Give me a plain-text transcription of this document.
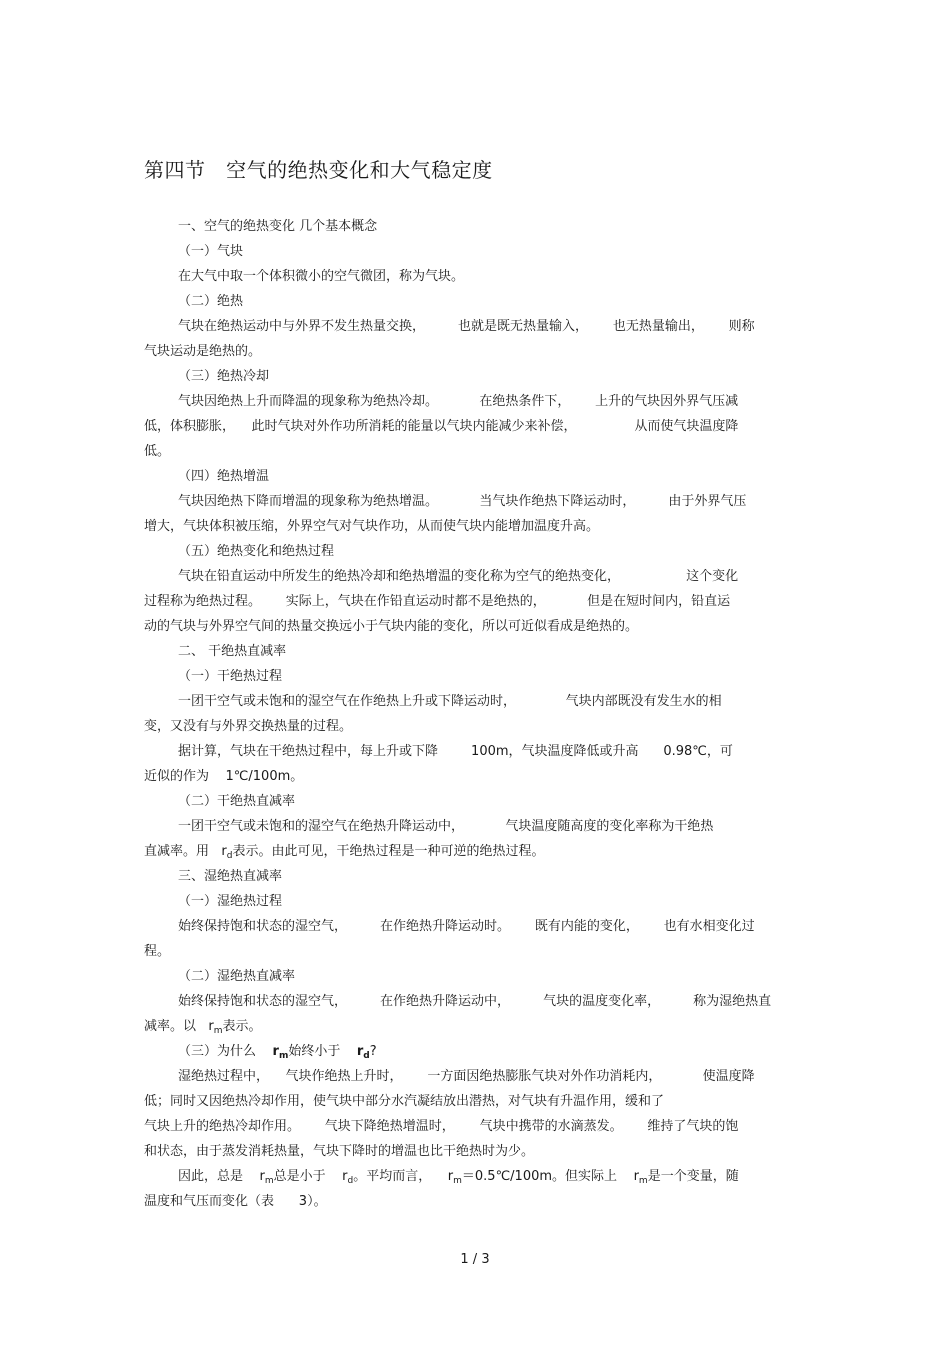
第四节   空气的绝热变化和大气稳定度

一、空气的绝热变化 几个基本概念

（一）气块

在大气中取一个体积微小的空气微团，称为气块。

（二）绝热

气块在绝热运动中与外界不发生热量交换，        也就是既无热量输入，      也无热量输出，      则称
气块运动是绝热的。

（三）绝热冷却

气块因绝热上升而降温的现象称为绝热冷却。          在绝热条件下，      上升的气块因外界气压减
低，体积膨胀，    此时气块对外作功所消耗的能量以气块内能减少来补偿，              从而使气块温度降
低。

（四）绝热增温

气块因绝热下降而增温的现象称为绝热增温。          当气块作绝热下降运动时，        由于外界气压
增大，气块体积被压缩，外界空气对气块作功，从而使气块内能增加温度升高。

（五）绝热变化和绝热过程

气块在铅直运动中所发生的绝热冷却和绝热增温的变化称为空气的绝热变化，                这个变化
过程称为绝热过程。      实际上，气块在作铅直运动时都不是绝热的，          但是在短时间内，铅直运
动的气块与外界空气间的热量交换远小于气块内能的变化，所以可近似看成是绝热的。

二、 干绝热直减率

（一）干绝热过程

一团干空气或未饱和的湿空气在作绝热上升或下降运动时，            气块内部既没有发生水的相
变，又没有与外界交换热量的过程。

据计算，气块在干绝热过程中，每上升或下降        100m，气块温度降低或升高      0.98℃，可
近似的作为    1℃/100m。

（二）干绝热直减率

一团干空气或未饱和的湿空气在绝热升降运动中，          气块温度随高度的变化率称为干绝热
直减率。用   $r_d$表示。由此可见，干绝热过程是一种可逆的绝热过程。

三、湿绝热直减率

（一）湿绝热过程

始终保持饱和状态的湿空气，        在作绝热升降运动时。      既有内能的变化，      也有水相变化过
程。

（二）湿绝热直减率

始终保持饱和状态的湿空气，        在作绝热升降运动中，        气块的温度变化率，        称为湿绝热直
减率。以   $r_m$表示。

（三）为什么    $r_m$始终小于    $r_d$?

湿绝热过程中，    气块作绝热上升时，      一方面因绝热膨胀气块对外作功消耗内，          使温度降
低；同时又因绝热冷却作用，使气块中部分水汽凝结放出潜热，对气块有升温作用，缓和了
气块上升的绝热冷却作用。      气块下降绝热增温时，      气块中携带的水滴蒸发。      维持了气块的饱
和状态，由于蒸发消耗热量，气块下降时的增温也比干绝热时为少。

因此，总是    $r_m$总是小于    $r_d$。平均而言，    $r_m=0.5℃/100m$。但实际上    $r_m$是一个变量，随
温度和气压而变化（表      3）。

1 / 3
